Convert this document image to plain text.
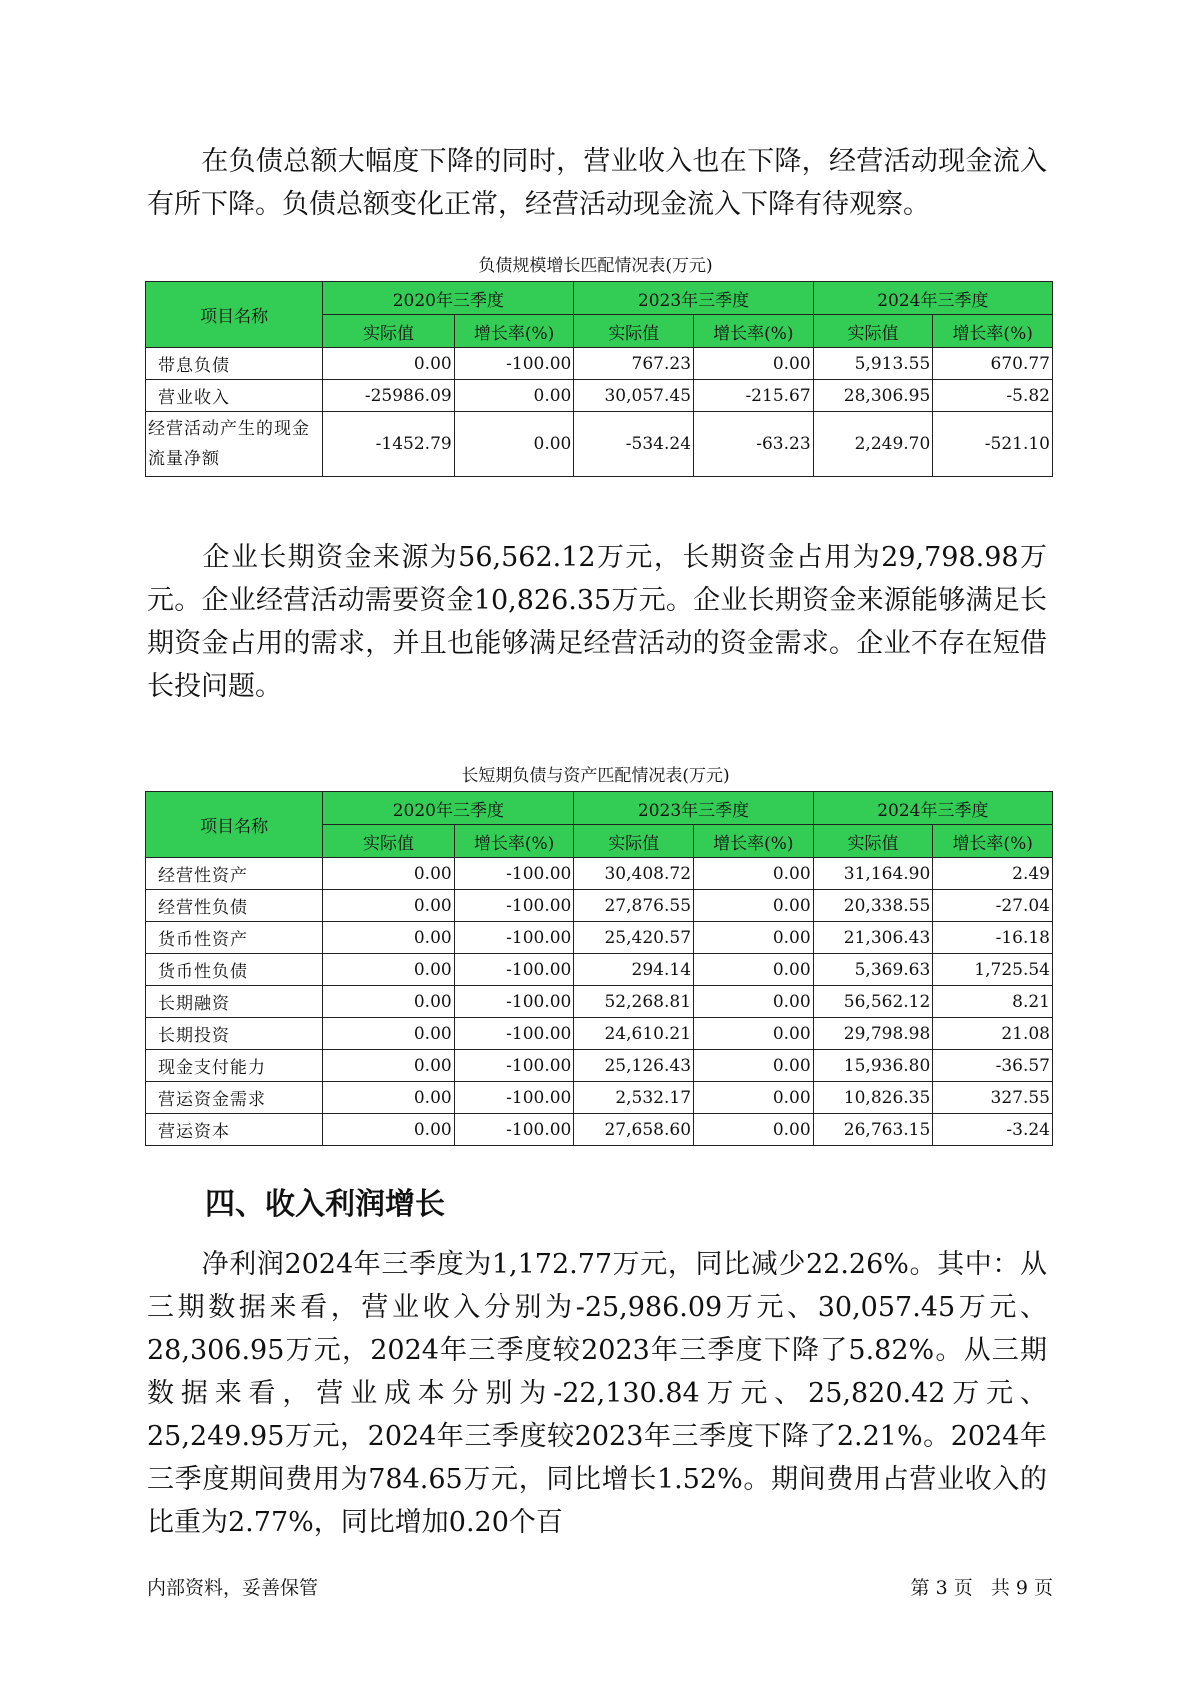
在负债总额大幅度下降的同时，营业收入也在下降，经营活动现金流入有所下降。负债总额变化正常，经营活动现金流入下降有待观察。

负债规模增长匹配情况表(万元)
项目名称	2020年三季度		2023年三季度		2024年三季度	
	实际值	增长率(%)	实际值	增长率(%)	实际值	增长率(%)
带息负债	0.00	-100.00	767.23	0.00	5,913.55	670.77
营业收入	-25986.09	0.00	30,057.45	-215.67	28,306.95	-5.82
经营活动产生的现金流量净额	-1452.79	0.00	-534.24	-63.23	2,249.70	-521.10

企业长期资金来源为56,562.12万元，长期资金占用为29,798.98万元。企业经营活动需要资金10,826.35万元。企业长期资金来源能够满足长期资金占用的需求，并且也能够满足经营活动的资金需求。企业不存在短借长投问题。

长短期负债与资产匹配情况表(万元)
项目名称	2020年三季度		2023年三季度		2024年三季度	
	实际值	增长率(%)	实际值	增长率(%)	实际值	增长率(%)
经营性资产	0.00	-100.00	30,408.72	0.00	31,164.90	2.49
经营性负债	0.00	-100.00	27,876.55	0.00	20,338.55	-27.04
货币性资产	0.00	-100.00	25,420.57	0.00	21,306.43	-16.18
货币性负债	0.00	-100.00	294.14	0.00	5,369.63	1,725.54
长期融资	0.00	-100.00	52,268.81	0.00	56,562.12	8.21
长期投资	0.00	-100.00	24,610.21	0.00	29,798.98	21.08
现金支付能力	0.00	-100.00	25,126.43	0.00	15,936.80	-36.57
营运资金需求	0.00	-100.00	2,532.17	0.00	10,826.35	327.55
营运资本	0.00	-100.00	27,658.60	0.00	26,763.15	-3.24
四、收入利润增长

净利润2024年三季度为1,172.77万元，同比减少22.26%。其中：从三期数据来看，营业收入分别为-25,986.09万元、30,057.45万元、28,306.95万元，2024年三季度较2023年三季度下降了5.82%。从三期数据来看，营业成本分别为-22,130.84万元、25,820.42万元、25,249.95万元，2024年三季度较2023年三季度下降了2.21%。2024年三季度期间费用为784.65万元，同比增长1.52%。期间费用占营业收入的比重为2.77%，同比增加0.20个百

内部资料，妥善保管	第 3 页   共 9 页
